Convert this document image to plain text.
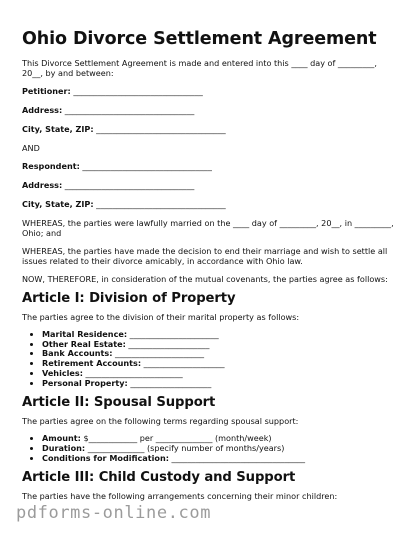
Ohio Divorce Settlement Agreement

This Divorce Settlement Agreement is made and entered into this ____ day of _________, 20__, by and between:

Petitioner: ________________________________
Address: ________________________________
City, State, ZIP: ________________________________

AND

Respondent: ________________________________
Address: ________________________________
City, State, ZIP: ________________________________

WHEREAS, the parties were lawfully married on the ____ day of _________, 20__, in _________, Ohio; and

WHEREAS, the parties have made the decision to end their marriage and wish to settle all issues related to their divorce amicably, in accordance with Ohio law.

NOW, THEREFORE, in consideration of the mutual covenants, the parties agree as follows:

Article I: Division of Property

The parties agree to the division of their marital property as follows:

• Marital Residence: ______________________
• Other Real Estate: ____________________
• Bank Accounts: ______________________
• Retirement Accounts: ____________________
• Vehicles: ________________________
• Personal Property: ____________________
Article II: Spousal Support

The parties agree on the following terms regarding spousal support:

• Amount: $____________ per ______________ (month/week)
• Duration: ______________ (specify number of months/years)
• Conditions for Modification: _________________________________
Article III: Child Custody and Support

The parties have the following arrangements concerning their minor children:

pdforms-online.com
